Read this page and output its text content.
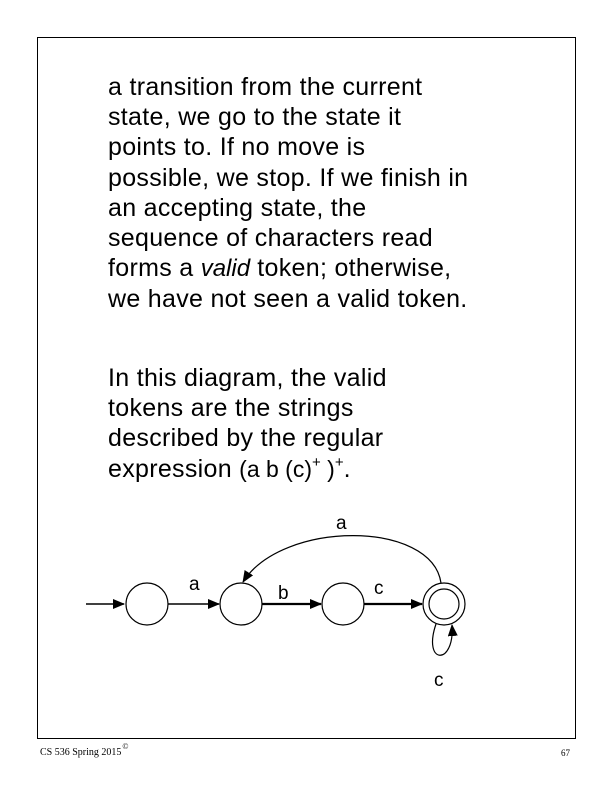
a transition from the current
state, we go to the state it
points to. If no move is
possible, we stop. If we finish in
an accepting state, the
sequence of characters read
forms a valid token; otherwise,
we have not seen a valid token.

In this diagram, the valid
tokens are the strings
described by the regular
expression (a b (c)+ )+.

a
a	b	c
c
CS 536 Spring 2015©
67
